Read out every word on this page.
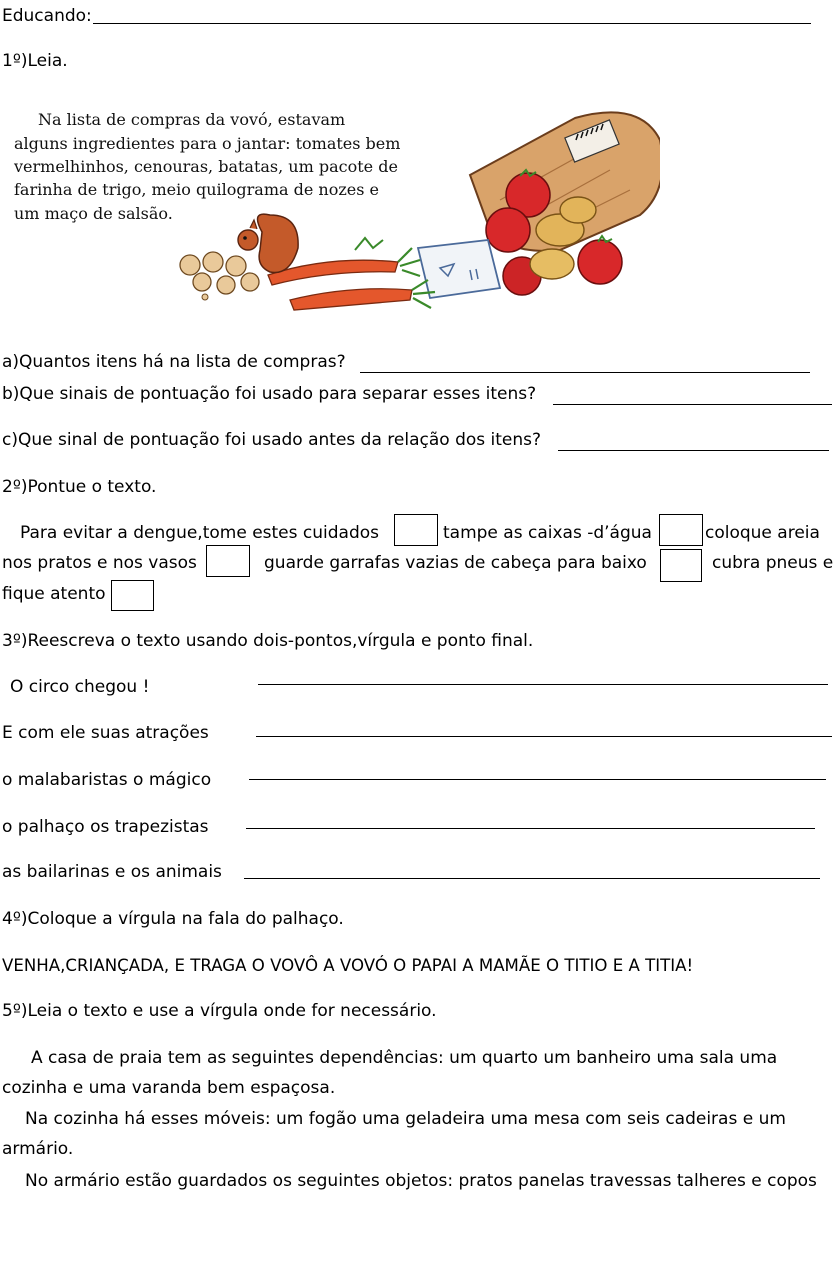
Educando:
1º)Leia.
Na lista de compras da vovó, estavam
alguns ingredientes para o jantar: tomates bem
vermelhinhos, cenouras, batatas, um pacote de
farinha de trigo, meio quilograma de nozes e
um maço de salsão.
a)Quantos itens há na lista de compras?
b)Que sinais de pontuação foi usado para separar esses itens?
c)Que sinal de pontuação foi usado antes da relação dos itens?
2º)Pontue o texto.
Para evitar a dengue,tome estes cuidados	tampe as caixas -d’água	coloque areia
nos pratos e nos vasos	guarde garrafas vazias de cabeça para baixo	cubra pneus e
fique atento
3º)Reescreva o texto usando dois-pontos,vírgula e ponto final.
O circo chegou !
E com ele suas atrações
o malabaristas o mágico
o palhaço os trapezistas
as bailarinas e os animais
4º)Coloque a vírgula na fala do palhaço.
VENHA,CRIANÇADA, E TRAGA O VOVÔ A VOVÓ O PAPAI A MAMÃE O TITIO E A TITIA!
5º)Leia o texto e use a vírgula onde for necessário.
A casa de praia tem as seguintes dependências: um quarto um banheiro uma sala uma
cozinha e uma varanda bem espaçosa.
Na cozinha há esses móveis: um fogão uma geladeira uma mesa com seis cadeiras e um
armário.
No armário estão guardados os seguintes objetos: pratos panelas travessas talheres e copos
